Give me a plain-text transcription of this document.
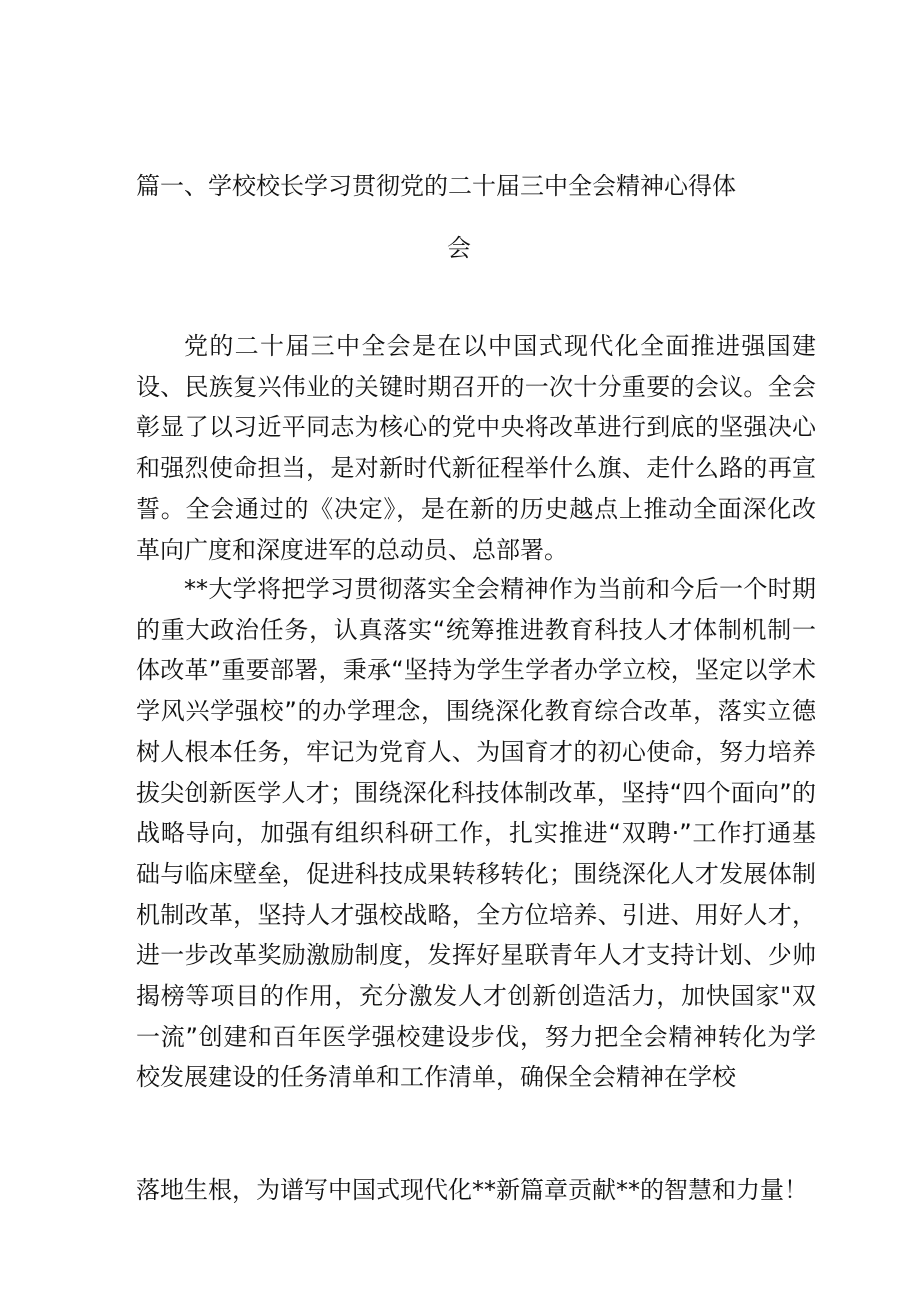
篇一、学校校长学习贯彻党的二十届三中全会精神心得体
会
党的二十届三中全会是在以中国式现代化全面推进强国建设、民族复兴伟业的关键时期召开的一次十分重要的会议。全会彰显了以习近平同志为核心的党中央将改革进行到底的坚强决心和强烈使命担当，是对新时代新征程举什么旗、走什么路的再宣誓。全会通过的《决定》，是在新的历史越点上推动全面深化改革向广度和深度进军的总动员、总部署。
**大学将把学习贯彻落实全会精神作为当前和今后一个时期的重大政治任务，认真落实“统筹推进教育科技人才体制机制一体改革”重要部署，秉承“坚持为学生学者办学立校，坚定以学术学风兴学强校”的办学理念，围绕深化教育综合改革，落实立德树人根本任务，牢记为党育人、为国育才的初心使命，努力培养拔尖创新医学人才；围绕深化科技体制改革，坚持“四个面向”的战略导向，加强有组织科研工作，扎实推进“双聘·”工作打通基础与临床壁垒，促进科技成果转移转化；围绕深化人才发展体制机制改革，坚持人才强校战略，全方位培养、引进、用好人才，进一步改革奖励激励制度，发挥好星联青年人才支持计划、少帅揭榜等项目的作用，充分激发人才创新创造活力，加快国家"双一流”创建和百年医学强校建设步伐，努力把全会精神转化为学校发展建设的任务清单和工作清单，确保全会精神在学校
落地生根，为谱写中国式现代化**新篇章贡献**的智慧和力量！
